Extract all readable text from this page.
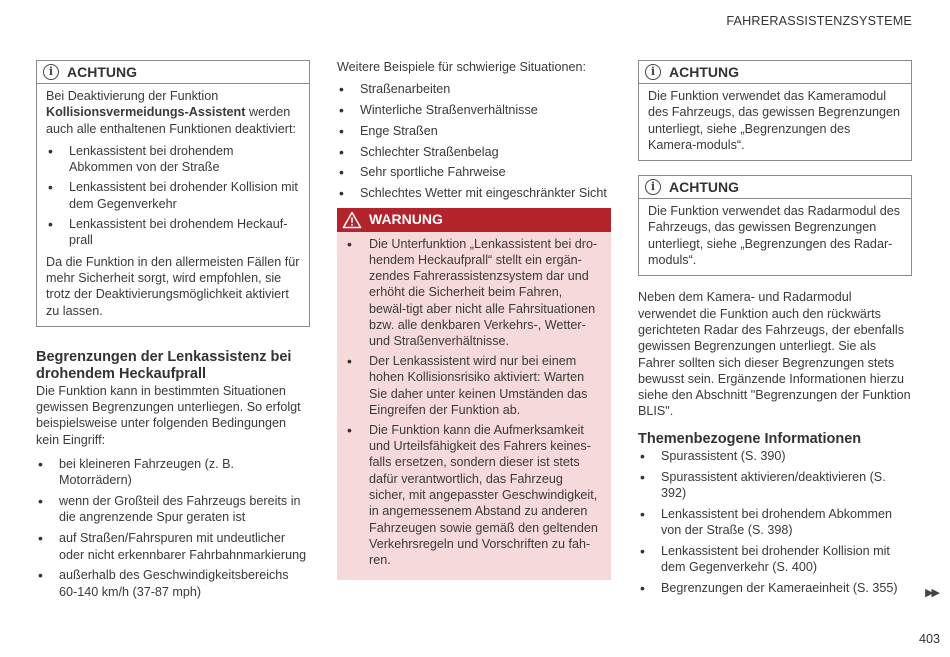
FAHRERASSISTENZSYSTEME
i ACHTUNG

Bei Deaktivierung der Funktion
Kollisionsvermeidungs-Assistent werden auch alle enthaltenen Funktionen deaktiviert:

• Lenkassistent bei drohendem Abkommen von der Straße
• Lenkassistent bei drohender Kollision mit dem Gegenverkehr
• Lenkassistent bei drohendem Heckauf-prall

Da die Funktion in den allermeisten Fällen für mehr Sicherheit sorgt, wird empfohlen, sie trotz der Deaktivierungsmöglichkeit aktiviert zu lassen.

Begrenzungen der Lenkassistenz bei drohendem Heckaufprall

Die Funktion kann in bestimmten Situationen gewissen Begrenzungen unterliegen. So erfolgt beispielsweise unter folgenden Bedingungen kein Eingriff:

• bei kleineren Fahrzeugen (z. B. Motorrädern)
• wenn der Großteil des Fahrzeugs bereits in die angrenzende Spur geraten ist
• auf Straßen/Fahrspuren mit undeutlicher oder nicht erkennbarer Fahrbahnmarkierung
• außerhalb des Geschwindigkeitsbereichs 60-140 km/h (37-87 mph)

Weitere Beispiele für schwierige Situationen:

• Straßenarbeiten
• Winterliche Straßenverhältnisse
• Enge Straßen
• Schlechter Straßenbelag
• Sehr sportliche Fahrweise
• Schlechtes Wetter mit eingeschränkter Sicht
WARNUNG
• Die Unterfunktion „Lenkassistent bei dro-hendem Heckaufprall“ stellt ein ergän-zendes Fahrerassistenzsystem dar und erhöht die Sicherheit beim Fahren, bewäl-tigt aber nicht alle Fahrsituationen bzw. alle denkbaren Verkehrs-, Wetter- und Straßenverhältnisse.
• Der Lenkassistent wird nur bei einem hohen Kollisionsrisiko aktiviert: Warten Sie daher unter keinen Umständen das Eingreifen der Funktion ab.
• Die Funktion kann die Aufmerksamkeit und Urteilsfähigkeit des Fahrers keines-falls ersetzen, sondern dieser ist stets dafür verantwortlich, das Fahrzeug sicher, mit angepasster Geschwindigkeit, in angemessenem Abstand zu anderen Fahrzeugen sowie gemäß den geltenden Verkehrsregeln und Vorschriften zu fah-ren.
i ACHTUNG

Die Funktion verwendet das Kameramodul des Fahrzeugs, das gewissen Begrenzungen unterliegt, siehe „Begrenzungen des Kamera-moduls“.

i ACHTUNG

Die Funktion verwendet das Radarmodul des Fahrzeugs, das gewissen Begrenzungen unterliegt, siehe „Begrenzungen des Radar-moduls“.

Neben dem Kamera- und Radarmodul verwendet die Funktion auch den rückwärts gerichteten Radar des Fahrzeugs, der ebenfalls gewissen Begrenzungen unterliegt. Sie als Fahrer sollten sich dieser Begrenzungen stets bewusst sein. Ergänzende Informationen hierzu siehe den Abschnitt "Begrenzungen der Funktion BLIS".

Themenbezogene Informationen
• Spurassistent (S. 390)
• Spurassistent aktivieren/deaktivieren (S. 392)
• Lenkassistent bei drohendem Abkommen von der Straße (S. 398)
• Lenkassistent bei drohender Kollision mit dem Gegenverkehr (S. 400)
• Begrenzungen der Kameraeinheit (S. 355)	▶▶
403
